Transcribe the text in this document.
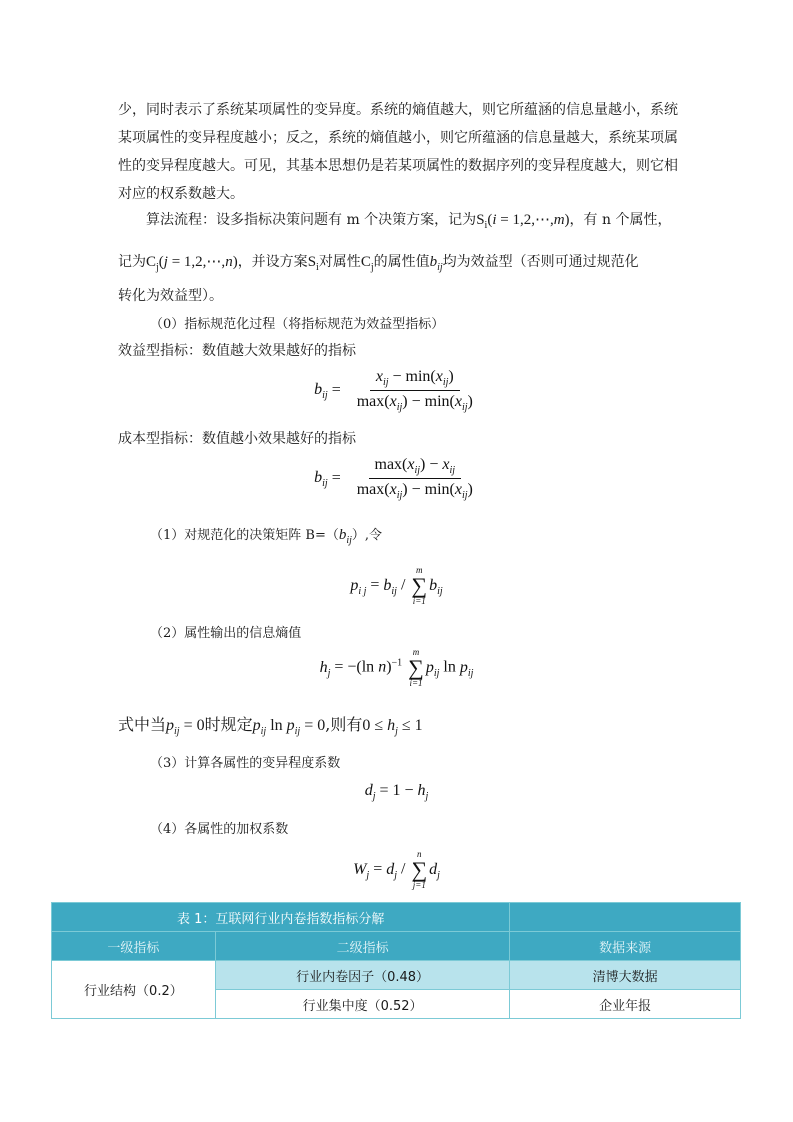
少，同时表示了系统某项属性的变异度。系统的熵值越大，则它所蕴涵的信息量越小，系统某项属性的变异程度越小；反之，系统的熵值越小，则它所蕴涵的信息量越大，系统某项属性的变异程度越大。可见，其基本思想仍是若某项属性的数据序列的变异程度越大，则它相对应的权系数越大。
算法流程：设多指标决策问题有 m 个决策方案，记为$S_i(i$ = 1,2,⋯,m)，有 n 个属性，
记为$C_j(j$ = 1,2,⋯,n)，并设方案$S_i$对属性$C_j$的属性值$b_{ij}$均为效益型（否则可通过规范化
转化为效益型）。
（0）指标规范化过程（将指标规范为效益型指标）
效益型指标：数值越大效果越好的指标
$b_{ij} = \frac{x_{ij} - \min(x_{ij})}{\max(x_{ij}) - \min(x_{ij})}$
成本型指标：数值越小效果越好的指标
$b_{ij} = \frac{\max(x_{ij}) - x_{ij}}{\max(x_{ij}) - \min(x_{ij})}$
（1）对规范化的决策矩阵 $B=(b_{ij})$,令
$p_{i j} = b_{ij}$ /
m
∑
i=1
$b_{ij}$
（2）属性输出的信息熵值
$h_j = -(\ln$ n)$^{-1}$
m
∑
i=1
$p_{ij}$ $\ln p_{ij}$
式中当$p_{ij} = 0$时规定$p_{ij}$ $\ln p_{ij} = 0$,则有$0 \le h_j \le 1$
（3）计算各属性的变异程度系数
$d_j = 1 - h_j$
（4）各属性的加权系数
$W_j = d_j$ /
n
∑
j=1
$d_j$
表 1：互联网行业内卷指数指标分解		
一级指标	二级指标	数据来源
行业结构（0.2）	行业内卷因子（0.48）	清博大数据
	行业集中度（0.52）	企业年报
